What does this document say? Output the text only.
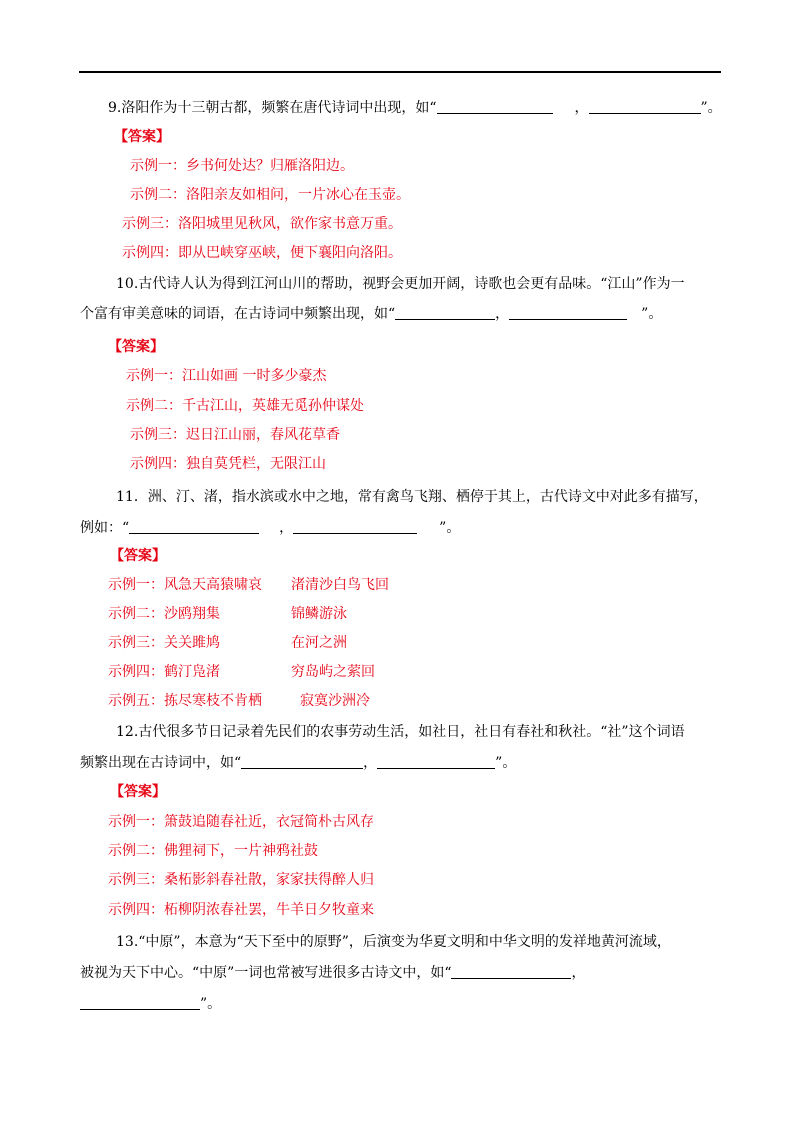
9.洛阳作为十三朝古都，频繁在唐代诗词中出现，如“	，	”。
【答案】
示例一：乡书何处达？归雁洛阳边。
示例二：洛阳亲友如相问，一片冰心在玉壶。
示例三：洛阳城里见秋风，欲作家书意万重。
示例四：即从巴峡穿巫峡，便下襄阳向洛阳。
10.古代诗人认为得到江河山川的帮助，视野会更加开阔，诗歌也会更有品味。“江山”作为一
个富有审美意味的词语，在古诗词中频繁出现，如“	，	”。
【答案】
示例一：江山如画 一时多少豪杰
示例二：千古江山，英雄无觅孙仲谋处
示例三：迟日江山丽，春风花草香
示例四：独自莫凭栏，无限江山
11．洲、汀、渚，指水滨或水中之地，常有禽鸟飞翔、栖停于其上，古代诗文中对此多有描写，
例如：“	，	”。
【答案】
示例一：风急天高猿啸哀 渚清沙白鸟飞回
示例二：沙鸥翔集	锦鳞游泳
示例三：关关雎鸠	在河之洲
示例四：鹤汀凫渚	穷岛屿之萦回
示例五：拣尽寒枝不肯栖	寂寞沙洲冷
12.古代很多节日记录着先民们的农事劳动生活，如社日，社日有春社和秋社。“社”这个词语
频繁出现在古诗词中，如“	，	”。
【答案】
示例一：箫鼓追随春社近，衣冠简朴古风存
示例二：佛狸祠下，一片神鸦社鼓
示例三：桑柘影斜春社散，家家扶得醉人归
示例四：柘柳阴浓春社罢，牛羊日夕牧童来
13.“中原”，本意为“天下至中的原野”，后演变为华夏文明和中华文明的发祥地黄河流域，
被视为天下中心。“中原”一词也常被写进很多古诗文中，如“	，
”。
